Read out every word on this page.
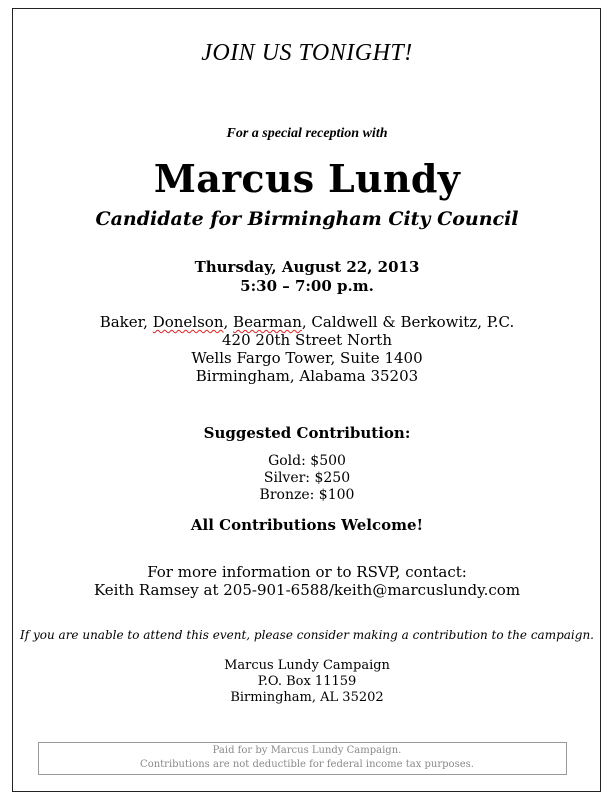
JOIN US TONIGHT!
For a special reception with
Marcus Lundy
Candidate for Birmingham City Council
Thursday, August 22, 2013
5:30 – 7:00 p.m.
Baker, Donelson, Bearman, Caldwell & Berkowitz, P.C.
420 20th Street North
Wells Fargo Tower, Suite 1400
Birmingham, Alabama 35203
Suggested Contribution:
Gold: $500
Silver: $250
Bronze: $100
All Contributions Welcome!
For more information or to RSVP, contact:
Keith Ramsey at 205-901-6588/keith@marcuslundy.com
If you are unable to attend this event, please consider making a contribution to the campaign.
Marcus Lundy Campaign
P.O. Box 11159
Birmingham, AL 35202
Paid for by Marcus Lundy Campaign.
Contributions are not deductible for federal income tax purposes.
